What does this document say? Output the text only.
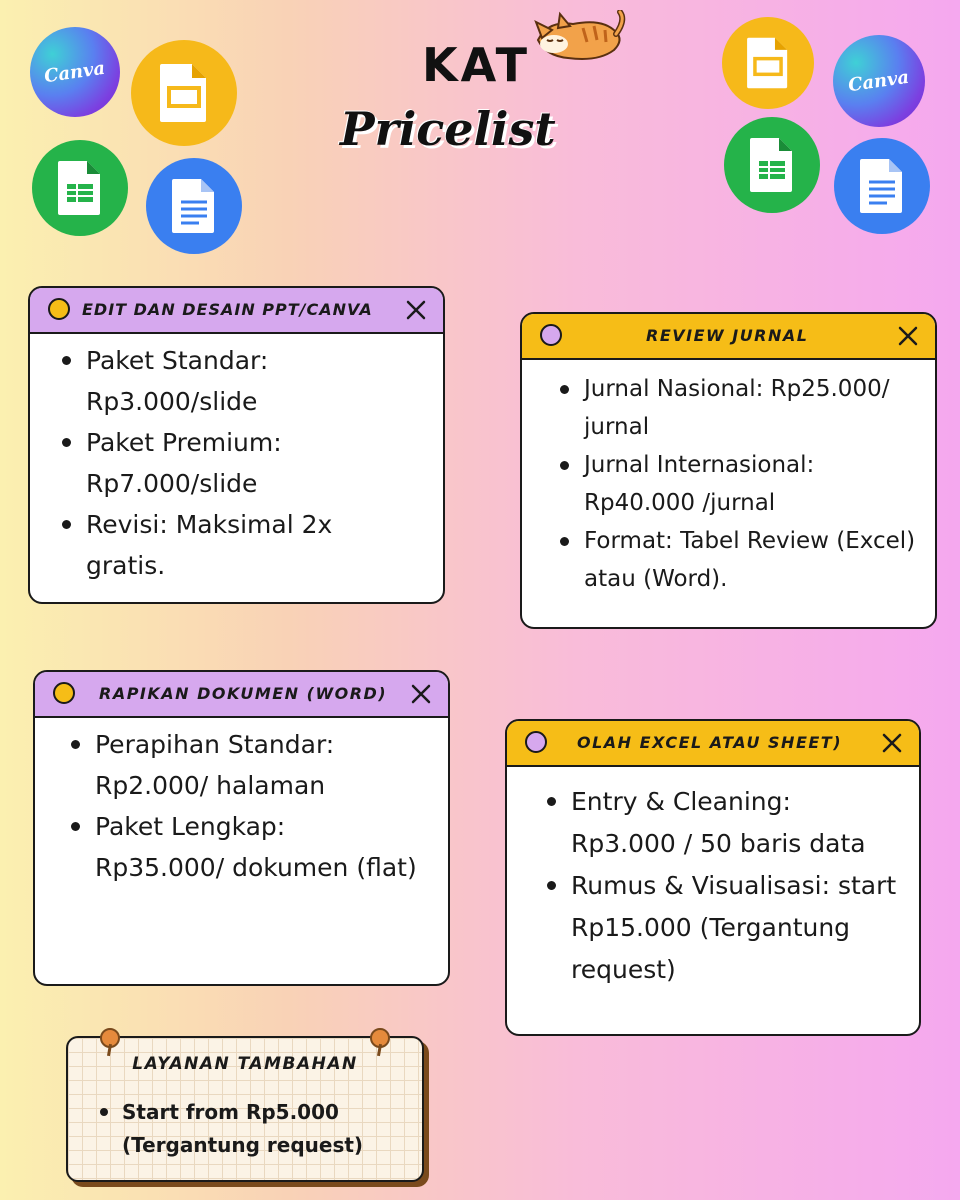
Canva	Canva
KAT
Pricelist
EDIT DAN DESAIN PPT/CANVA
Paket Standar:
Rp3.000/slide
Paket Premium:
Rp7.000/slide
Revisi: Maksimal 2x
gratis.
REVIEW JURNAL
Jurnal Nasional: Rp25.000/
jurnal
Jurnal Internasional:
Rp40.000 /jurnal
Format: Tabel Review (Excel)
atau (Word).
RAPIKAN DOKUMEN (WORD)
Perapihan Standar:
Rp2.000/ halaman
Paket Lengkap:
Rp35.000/ dokumen (flat)
OLAH EXCEL ATAU SHEET)
Entry & Cleaning:
Rp3.000 / 50 baris data
Rumus & Visualisasi: start
Rp15.000 (Tergantung
request)
LAYANAN TAMBAHAN
Start from Rp5.000
(Tergantung request)
